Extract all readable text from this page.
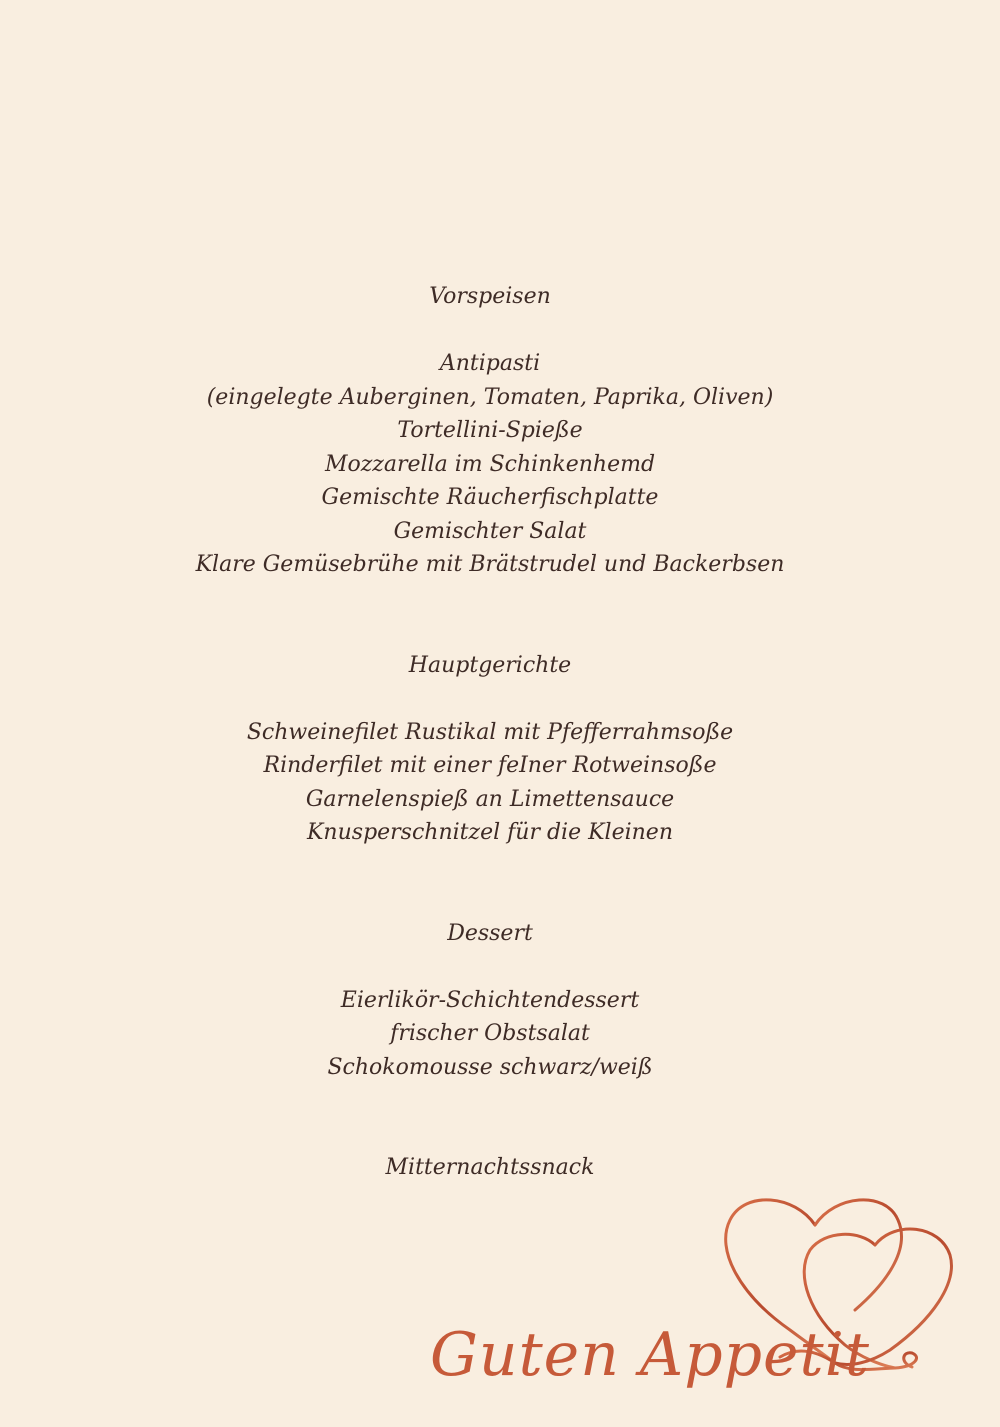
Vorspeisen
Antipasti
(eingelegte Auberginen, Tomaten, Paprika, Oliven)
Tortellini-Spieße
Mozzarella im Schinkenhemd
Gemischte Räucherfischplatte
Gemischter Salat
Klare Gemüsebrühe mit Brätstrudel und Backerbsen
Hauptgerichte
Schweinefilet Rustikal mit Pfefferrahmsoße
Rinderfilet mit einer feIner Rotweinsoße
Garnelenspieß an Limettensauce
Knusperschnitzel für die Kleinen
Dessert
Eierlikör-Schichtendessert
frischer Obstsalat
Schokomousse schwarz/weiß
Mitternachtssnack
Guten Appetit
